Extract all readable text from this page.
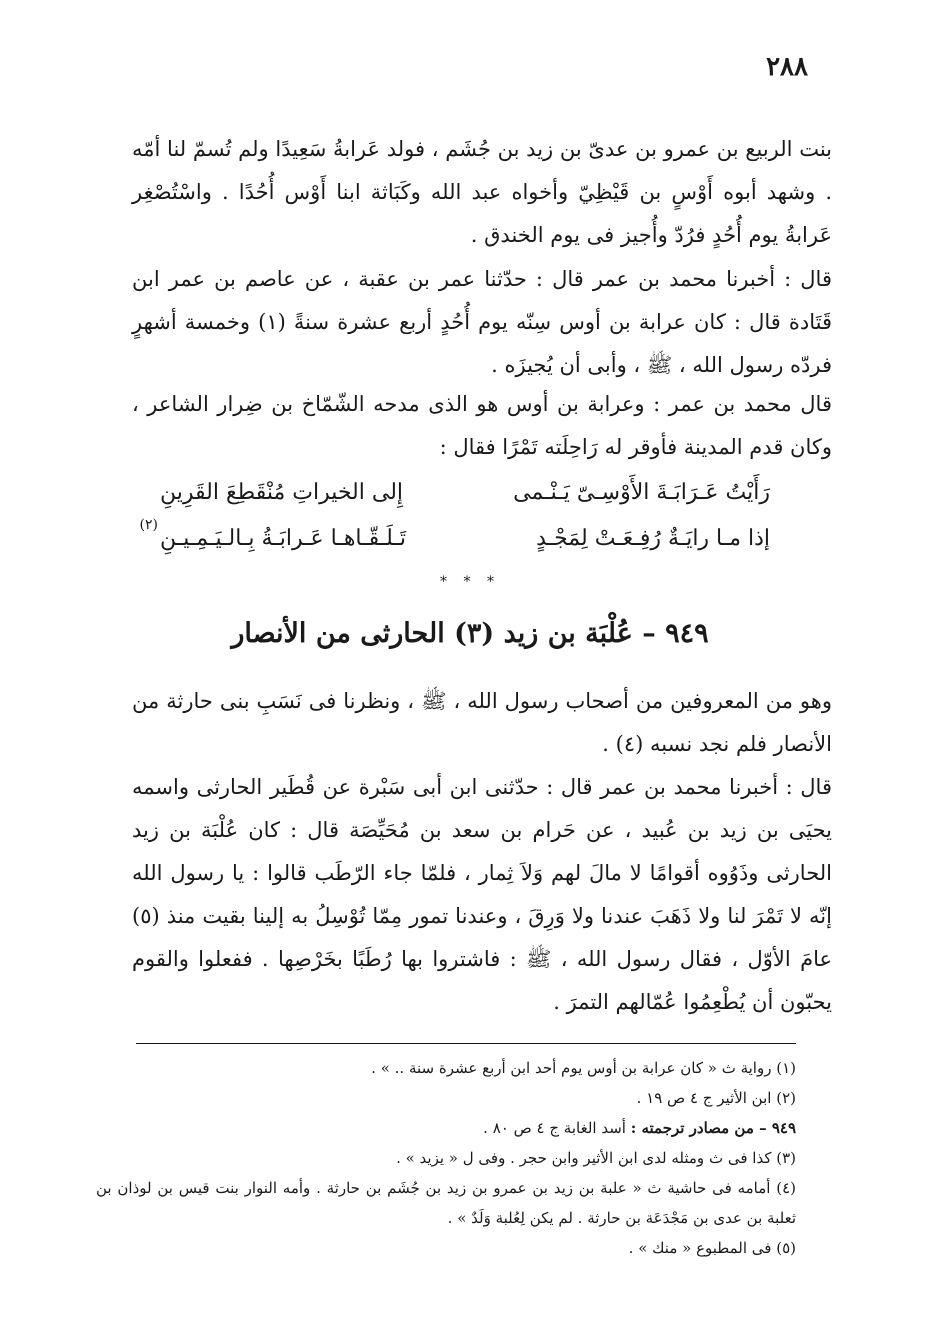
٢٨٨
بنت الربيع بن عمرو بن عدىّ بن زيد بن جُشَم ، فولد عَرابةُ سَعِيدًا ولم تُسمّ لنا أمّه . وشهد أبوه أَوْسٍ بن قَيْظِيّ وأخواه عبد الله وكَبَاثة ابنا أَوْس أُحُدًا . واسْتُصْغِر عَرابةُ يوم أُحُدٍ فرُدّ وأُجيز فى يوم الخندق .
قال : أخبرنا محمد بن عمر قال : حدّثنا عمر بن عقبة ، عن عاصم بن عمر ابن قَتَادة قال : كان عرابة بن أوس سِنّه يوم أُحُدٍ أربع عشرة سنةً (١) وخمسة أشهرٍ فردّه رسول الله ، ﷺ ، وأبى أن يُجيزَه .
قال محمد بن عمر : وعرابة بن أوس هو الذى مدحه الشّمّاخ بن ضِرار الشاعر ، وكان قدم المدينة فأوقر له رَاحِلَته تَمْرًا فقال :
رَأَيْتُ عَـرَابَـةَ الأَوْسِـىّ يَـنْـمى
إِلى الخيراتِ مُنْقَطِعَ القَرِينِ
إذا مـا رايَـةٌ رُفِـعَـتْ لِمَجْـدٍ
تَـلَـقّـاهـا عَـرابَـةُ بِـالـيَـمِـيـنِ
(٢)
* * *
٩٤٩ – عُلْبَة بن زيد (٣) الحارثى من الأنصار
وهو من المعروفين من أصحاب رسول الله ، ﷺ ، ونظرنا فى نَسَبِ بنى حارثة من الأنصار فلم نجد نسبه (٤) .
قال : أخبرنا محمد بن عمر قال : حدّثنى ابن أبى سَبْرة عن قُطَير الحارثى واسمه يحيَى بن زيد بن عُبيد ، عن حَرام بن سعد بن مُحَيِّصَة قال : كان عُلْبَة بن زيد الحارثى وذَوُوه أقوامًا لا مالَ لهم وَلاَ ثِمار ، فلمّا جاء الرّطَب قالوا : يا رسول الله إنّه لا تَمْرَ لنا ولا ذَهَبَ عندنا ولا وَرِقَ ، وعندنا تمور مِمّا تُوْسِلُ به إلينا بقيت منذ (٥) عامَ الأوّل ، فقال رسول الله ، ﷺ : فاشتروا بها رُطَبًا بخَرْصِها . ففعلوا والقوم يحبّون أن يُطْعِمُوا عُمّالهم التمرَ .
(١) رواية ث « كان عرابة بن أوس يوم أحد ابن أربع عشرة سنة .. » .
(٢) ابن الأثير ج ٤ ص ١٩ .
٩٤٩ – من مصادر ترجمته : أسد الغابة ج ٤ ص ٨٠ .
(٣) كذا فى ث ومثله لدى ابن الأثير وابن حجر . وفى ل « يزيد » .
(٤) أمامه فى حاشية ث « علبة بن زيد بن عمرو بن زيد بن جُشَم بن حارثة . وأمه النوار بنت قيس بن لوذان بن ثعلبة بن عدى بن مَجْدَعَة بن حارثة . لم يكن لِعُلبة وَلَدٌ » .
(٥) فى المطبوع « منك » .
